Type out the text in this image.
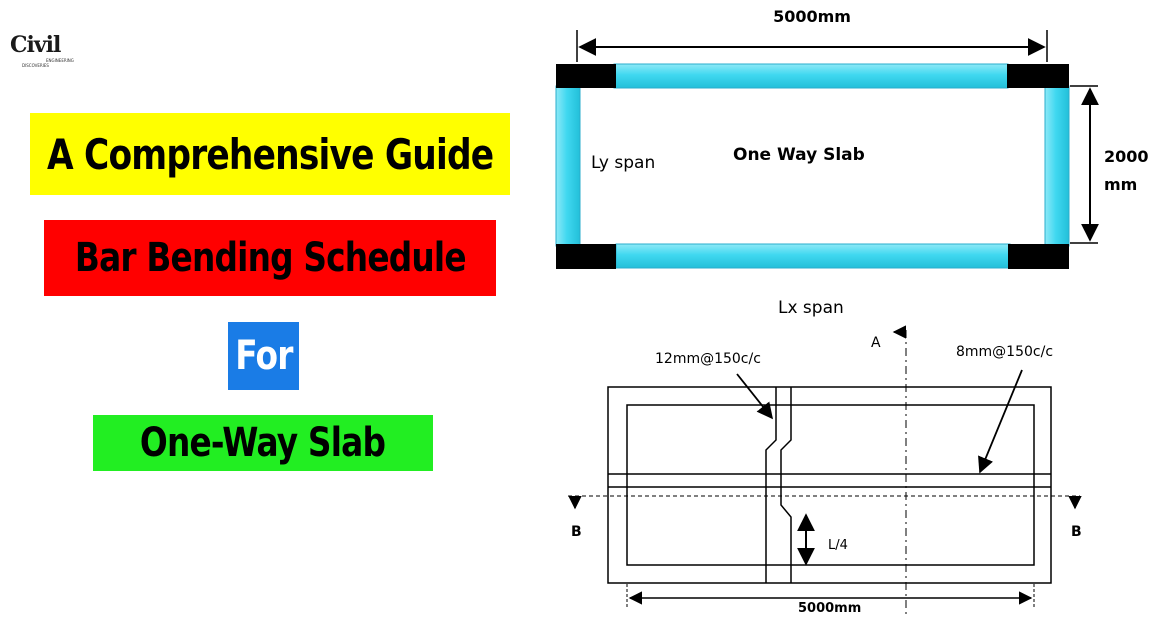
Civil
ENGINEERING
DISCOVERIES
A Comprehensive Guide
Bar Bending Schedule
For
One-Way Slab
5000mm
2000
mm
Ly span	One Way Slab
Lx span
12mm@150c/c	8mm@150c/c
A
B	B
L/4
5000mm
